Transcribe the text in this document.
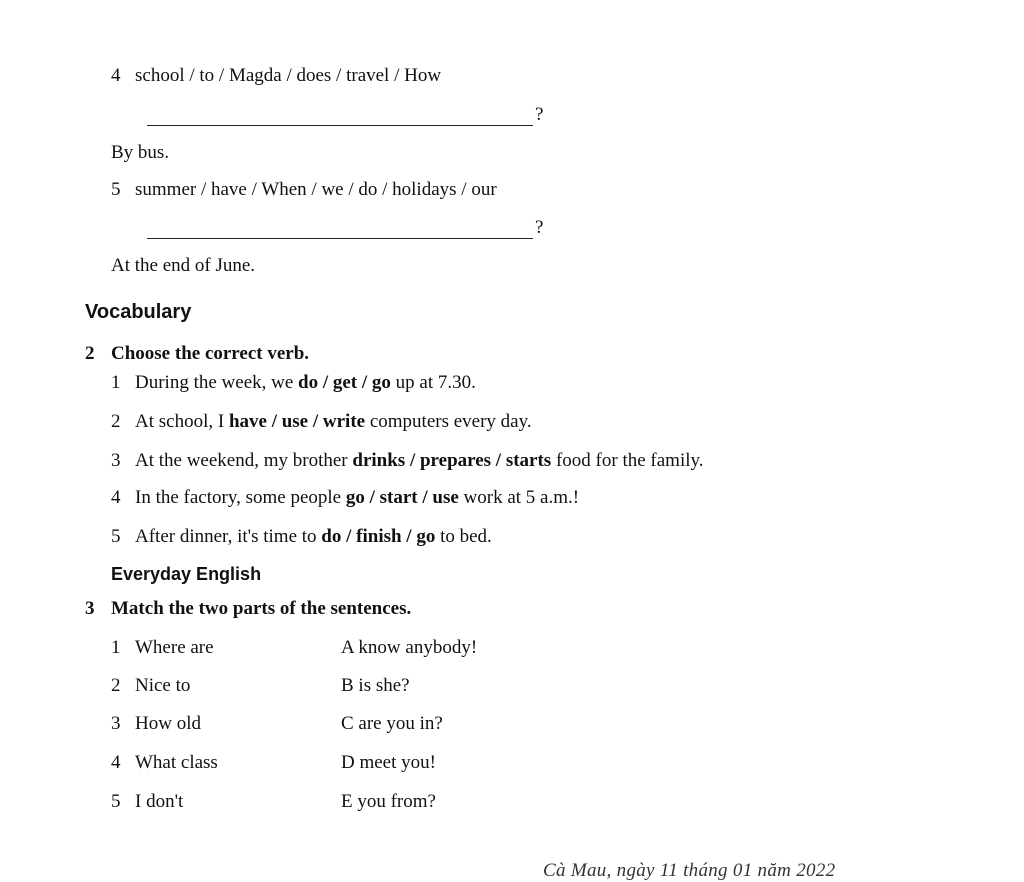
4 school / to / Magda / does / travel / How
?
By bus.
5 summer / have / When / we / do / holidays / our
?
At the end of June.
Vocabulary
2 Choose the correct verb.
1 During the week, we do / get / go up at 7.30.
2 At school, I have / use / write computers every day.
3 At the weekend, my brother drinks / prepares / starts food for the family.
4 In the factory, some people go / start / use work at 5 a.m.!
5 After dinner, it's time to do / finish / go to bed.
Everyday English
3 Match the two parts of the sentences.
1 Where are	A know anybody!
2 Nice to	B is she?
3 How old	C are you in?
4 What class	D meet you!
5 I don't	E you from?
Cà Mau, ngày 11 tháng 01 năm 2022
